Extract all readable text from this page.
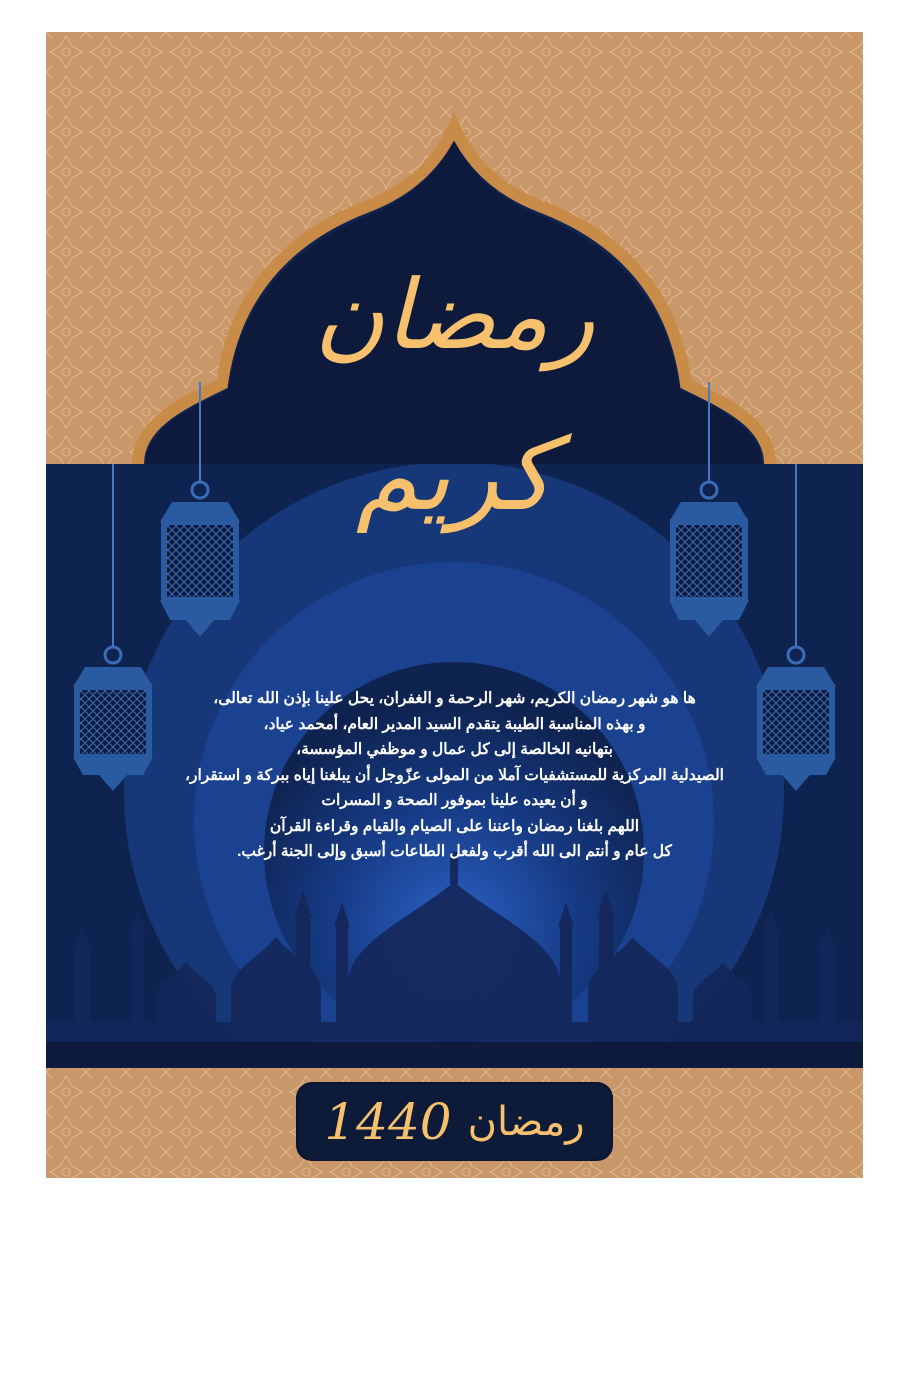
رمضان
كريم
ها هو شهر رمضان الكريم، شهر الرحمة و الغفران، يحل علينا بإذن الله تعالى،
و بهذه المناسبة الطيبة يتقدم السيد المدير العام، أمحمد عياد،
بتهانيه الخالصة إلى كل عمال و موظفي المؤسسة،
الصيدلية المركزية للمستشفيات آملا من المولى عزّوجل أن يبلغنا إياه ببركة و استقرار،
و أن يعيده علينا بموفور الصحة و المسرات
اللهم بلغنا رمضان واعننا على الصيام والقيام وقراءة القرآن
كل عام و أنتم الى الله أقرب ولفعل الطاعات أسبق وإلى الجنة أرغب.
رمضان
1440
